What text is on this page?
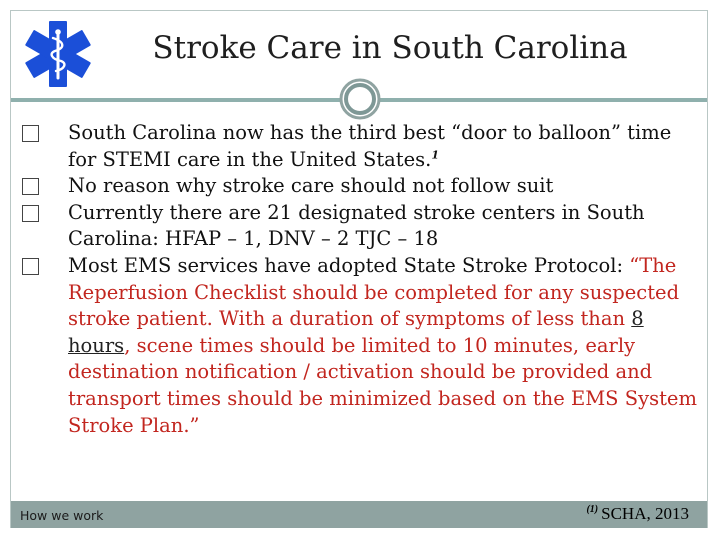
Stroke Care in South Carolina

South Carolina now has the third best “door to balloon” time for STEMI care in the United States.$^1$

No reason why stroke care should not follow suit

Currently there are 21 designated stroke centers in South Carolina: HFAP – 1, DNV – 2 TJC – 18

Most EMS services have adopted State Stroke Protocol: “The Reperfusion Checklist should be completed for any suspected stroke patient. With a duration of symptoms of less than 8 hours, scene times should be limited to 10 minutes, early destination notification / activation should be provided and transport times should be minimized based on the EMS System Stroke Plan.”

How we work	$^{(1)}$ SCHA, 2013
